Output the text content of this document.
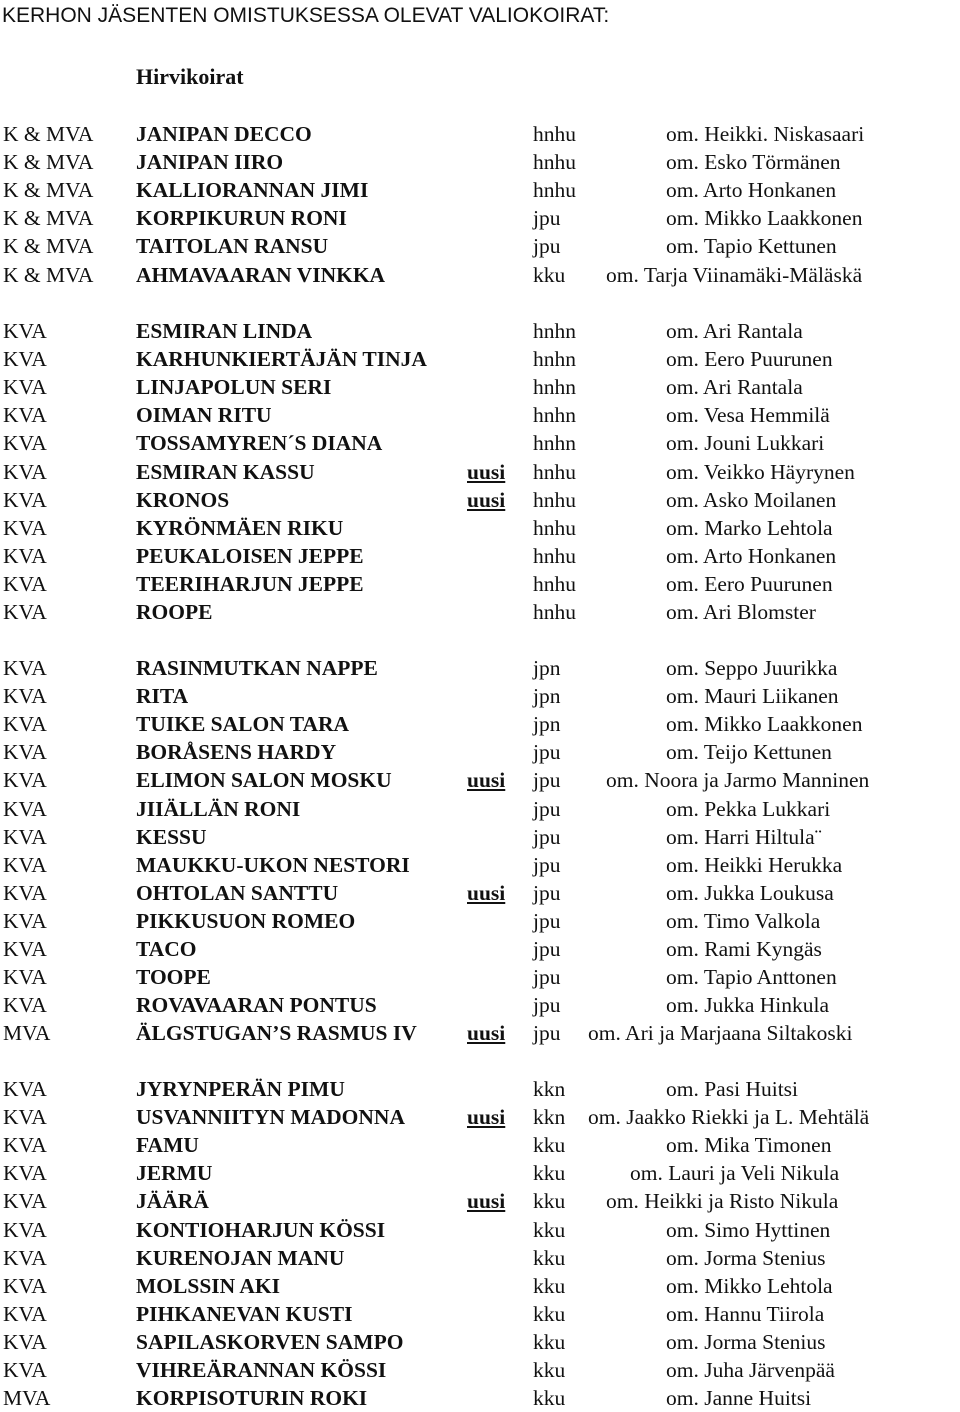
KERHON JÄSENTEN OMISTUKSESSA OLEVAT VALIOKOIRAT:
Hirvikoirat
K & MVA JANIPAN DECCO	hnhu	om. Heikki. Niskasaari
K & MVA JANIPAN IIRO	hnhu	om. Esko Törmänen
K & MVA KALLIORANNAN JIMI	hnhu	om. Arto Honkanen
K & MVA KORPIKURUN RONI	jpu	om. Mikko Laakkonen
K & MVA TAITOLAN RANSU	jpu	om. Tapio Kettunen
K & MVA AHMAVAARAN VINKKA	kku om. Tarja Viinamäki-Mäläskä
KVA	ESMIRAN LINDA	hnhn	om. Ari Rantala
KVA	KARHUNKIERTÄJÄN TINJA	hnhn	om. Eero Puurunen
KVA	LINJAPOLUN SERI	hnhn	om. Ari Rantala
KVA	OIMAN RITU	hnhn	om. Vesa Hemmilä
KVA	TOSSAMYREN´S DIANA	hnhn	om. Jouni Lukkari
KVA	ESMIRAN KASSU	uusi hnhu	om. Veikko Häyrynen
KVA	KRONOS	uusi hnhu	om. Asko Moilanen
KVA	KYRÖNMÄEN RIKU	hnhu	om. Marko Lehtola
KVA	PEUKALOISEN JEPPE	hnhu	om. Arto Honkanen
KVA	TEERIHARJUN JEPPE	hnhu	om. Eero Puurunen
KVA	ROOPE	hnhu	om. Ari Blomster
KVA	RASINMUTKAN NAPPE	jpn	om. Seppo Juurikka
KVA	RITA	jpn	om. Mauri Liikanen
KVA	TUIKE SALON TARA	jpn	om. Mikko Laakkonen
KVA	BORÅSENS HARDY	jpu	om. Teijo Kettunen
KVA	ELIMON SALON MOSKU	uusi jpu om. Noora ja Jarmo Manninen
KVA	JIIÄLLÄN RONI	jpu	om. Pekka Lukkari
KVA	KESSU	jpu	om. Harri Hiltula¨
KVA	MAUKKU-UKON NESTORI	jpu	om. Heikki Herukka
KVA	OHTOLAN SANTTU	uusi jpu	om. Jukka Loukusa
KVA	PIKKUSUON ROMEO	jpu	om. Timo Valkola
KVA	TACO	jpu	om. Rami Kyngäs
KVA	TOOPE	jpu	om. Tapio Anttonen
KVA	ROVAVAARAN PONTUS	jpu	om. Jukka Hinkula
MVA	ÄLGSTUGAN’S RASMUS IV uusi jpu om. Ari ja Marjaana Siltakoski
KVA	JYRYNPERÄN PIMU	kkn	om. Pasi Huitsi
KVA	USVANNIITYN MADONNA	uusi kkn om. Jaakko Riekki ja L. Mehtälä
KVA	FAMU	kku	om. Mika Timonen
KVA	JERMU	kku	om. Lauri ja Veli Nikula
KVA	JÄÄRÄ	uusi kku om. Heikki ja Risto Nikula
KVA	KONTIOHARJUN KÖSSI	kku	om. Simo Hyttinen
KVA	KURENOJAN MANU	kku	om. Jorma Stenius
KVA	MOLSSIN AKI	kku	om. Mikko Lehtola
KVA	PIHKANEVAN KUSTI	kku	om. Hannu Tiirola
KVA	SAPILASKORVEN SAMPO	kku	om. Jorma Stenius
KVA	VIHREÄRANNAN KÖSSI	kku	om. Juha Järvenpää
MVA	KORPISOTURIN ROKI	kku	om. Janne Huitsi
